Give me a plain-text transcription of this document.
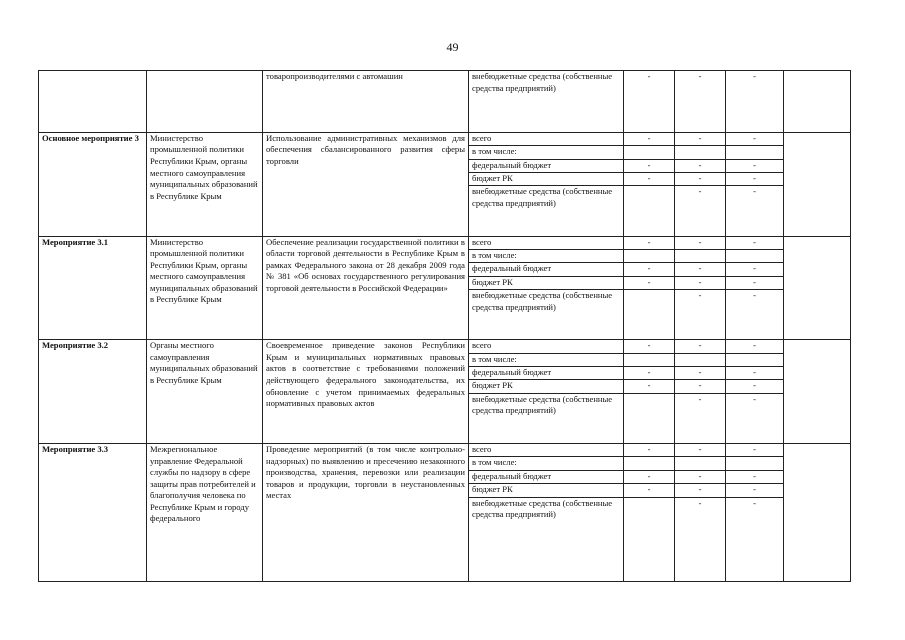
49
		товаропроизводителями с автомашин	внебюджетные средства (собственные средства предприятий)	-	-	-	
Основное мероприятие 3	Министерство промышленной политики Республики Крым, органы местного самоуправления муниципальных образований в Республике Крым	Использование административных механизмов для обеспечения сбалансированного развития сферы торговли	всего	-	-	-	
			в том числе:				
			федеральный бюджет	-	-	-	
			бюджет РК	-	-	-	
			внебюджетные средства (собственные средства предприятий)		-	-	
Мероприятие 3.1	Министерство промышленной политики Республики Крым, органы местного самоуправления муниципальных образований в Республике Крым	Обеспечение реализации государственной политики в области торговой деятельности в Республике Крым в рамках Федерального закона от 28 декабря 2009 года № 381 «Об основах государственного регулирования торговой деятельности в Российской Федерации»	всего	-	-	-	
			в том числе:				
			федеральный бюджет	-	-	-	
			бюджет РК	-	-	-	
			внебюджетные средства (собственные средства предприятий)		-	-	
Мероприятие 3.2	Органы местного самоуправления муниципальных образований в Республике Крым	Своевременное приведение законов Республики Крым и муниципальных нормативных правовых актов в соответствие с требованиями положений действующего федерального законодательства, их обновление с учетом принимаемых федеральных нормативных правовых актов	всего	-	-	-	
			в том числе:				
			федеральный бюджет	-	-	-	
			бюджет РК	-	-	-	
			внебюджетные средства (собственные средства предприятий)		-	-	
Мероприятие 3.3	Межрегиональное управление Федеральной службы по надзору в сфере защиты прав потребителей и благополучия человека по Республике Крым и городу федерального	Проведение мероприятий (в том числе контрольно-надзорных) по выявлению и пресечению незаконного производства, хранения, перевозки или реализации товаров и продукции, торговли в неустановленных местах	всего	-	-	-	
			в том числе:				
			федеральный бюджет	-	-	-	
			бюджет РК	-	-	-	
			внебюджетные средства (собственные средства предприятий)		-	-	
